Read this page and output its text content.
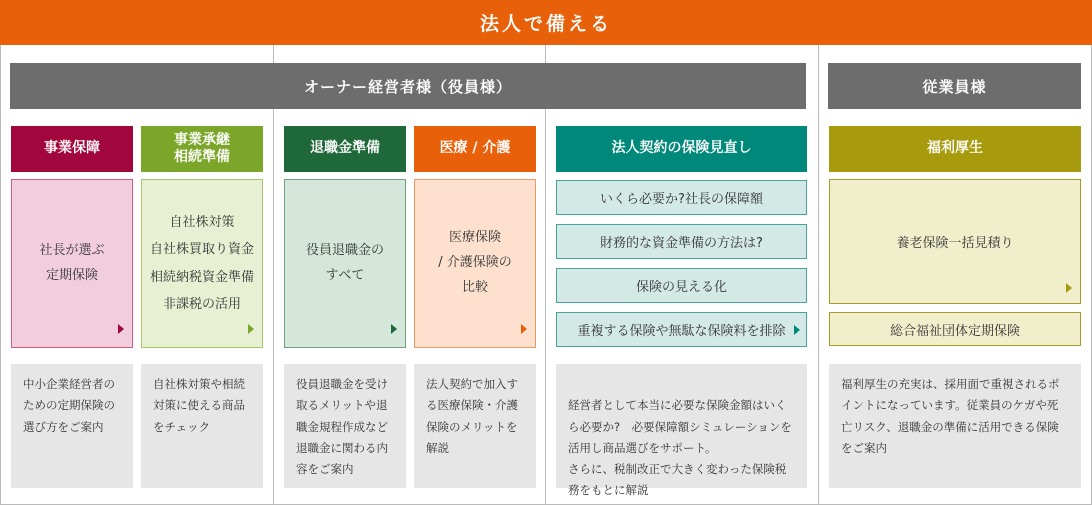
法人で備える
オーナー経営者様（役員様）	従業員様
事業保障
事業承継
相続準備
退職金準備	医療 / 介護	法人契約の保険見直し	福利厚生
社長が選ぶ
定期保険
自社株対策
自社株買取り資金
相続納税資金準備
非課税の活用
役員退職金の
すべて
医療保険
/ 介護保険の
比較
いくら必要か?社長の保障額
財務的な資金準備の方法は?
保険の見える化
重複する保険や無駄な保険料を排除
養老保険一括見積り
総合福祉団体定期保険
中小企業経営者のための定期保険の選び方をご案内
自社株対策や相続対策に使える商品をチェック
役員退職金を受け取るメリットや退職金規程作成など退職金に関わる内容をご案内
法人契約で加入する医療保険・介護保険のメリットを解説

経営者として本当に必要な保険金額はいくら必要か?　必要保障額シミュレーションを活用し商品選びをサポート。
さらに、税制改正で大きく変わった保険税務をもとに解説

福利厚生の充実は、採用面で重視されるポイントになっています。従業員のケガや死亡リスク、退職金の準備に活用できる保険をご案内
